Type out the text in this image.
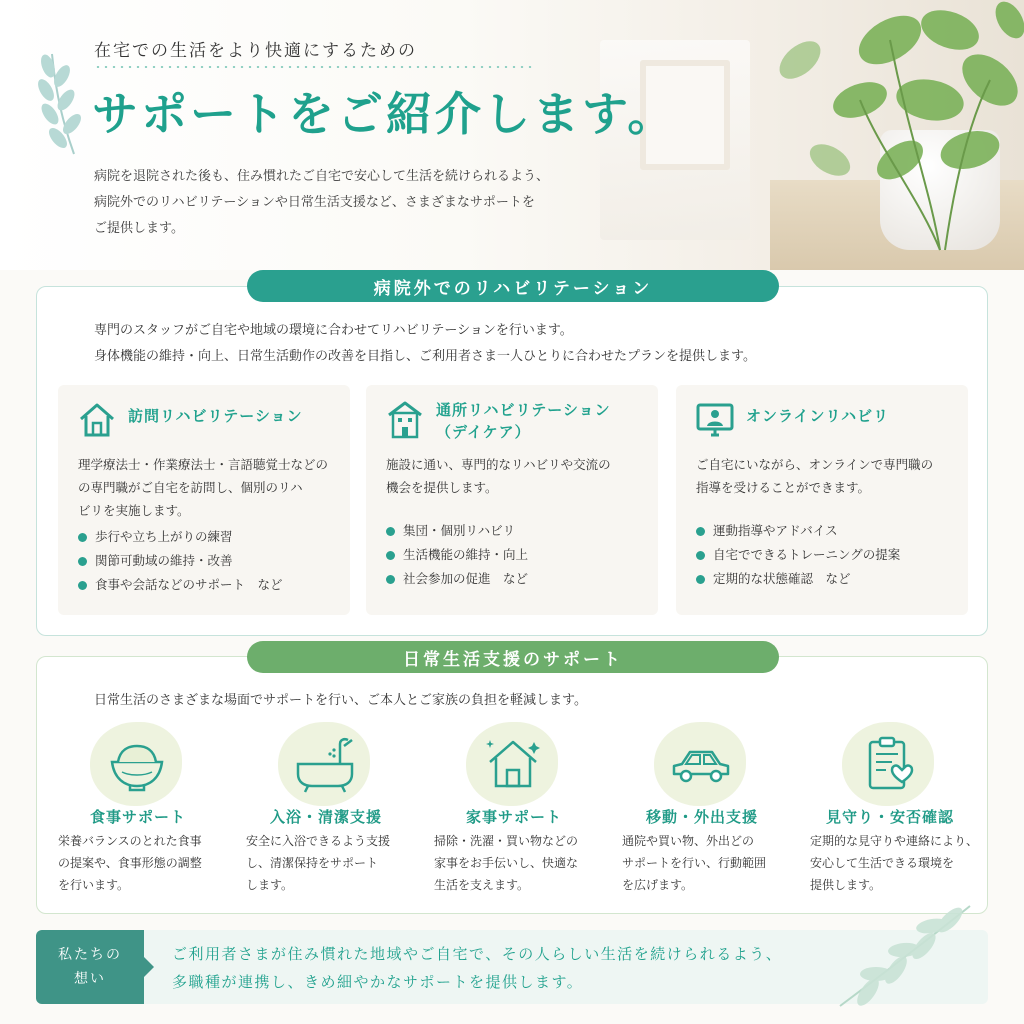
在宅での生活をより快適にするための
サポートをご紹介します。
病院を退院された後も、住み慣れたご自宅で安心して生活を続けられるよう、
病院外でのリハビリテーションや日常生活支援など、さまざまなサポートを
ご提供します。
病院外でのリハビリテーション
専門のスタッフがご自宅や地域の環境に合わせてリハビリテーションを行います。
身体機能の維持・向上、日常生活動作の改善を目指し、ご利用者さま一人ひとりに合わせたプランを提供します。
訪問リハビリテーション
理学療法士・作業療法士・言語聴覚士などの
の専門職がご自宅を訪問し、個別のリハ
ビリを実施します。
歩行や立ち上がりの練習
関節可動域の維持・改善
食事や会話などのサポート　など
通所リハビリテーション
（デイケア）
施設に通い、専門的なリハビリや交流の
機会を提供します。
集団・個別リハビリ
生活機能の維持・向上
社会参加の促進　など
オンラインリハビリ
ご自宅にいながら、オンラインで専門職の
指導を受けることができます。
運動指導やアドバイス
自宅でできるトレーニングの提案
定期的な状態確認　など
日常生活支援のサポート
日常生活のさまざまな場面でサポートを行い、ご本人とご家族の負担を軽減します。
食事サポート
栄養バランスのとれた食事
の提案や、食事形態の調整
を行います。
入浴・清潔支援
安全に入浴できるよう支援
し、清潔保持をサポート
します。
家事サポート
掃除・洗濯・買い物などの
家事をお手伝いし、快適な
生活を支えます。
移動・外出支援
通院や買い物、外出どの
サポートを行い、行動範囲
を広げます。
見守り・安否確認
定期的な見守りや連絡により、
安心して生活できる環境を
提供します。
私たちの
想い
ご利用者さまが住み慣れた地域やご自宅で、その人らしい生活を続けられるよう、
多職種が連携し、きめ細やかなサポートを提供します。
